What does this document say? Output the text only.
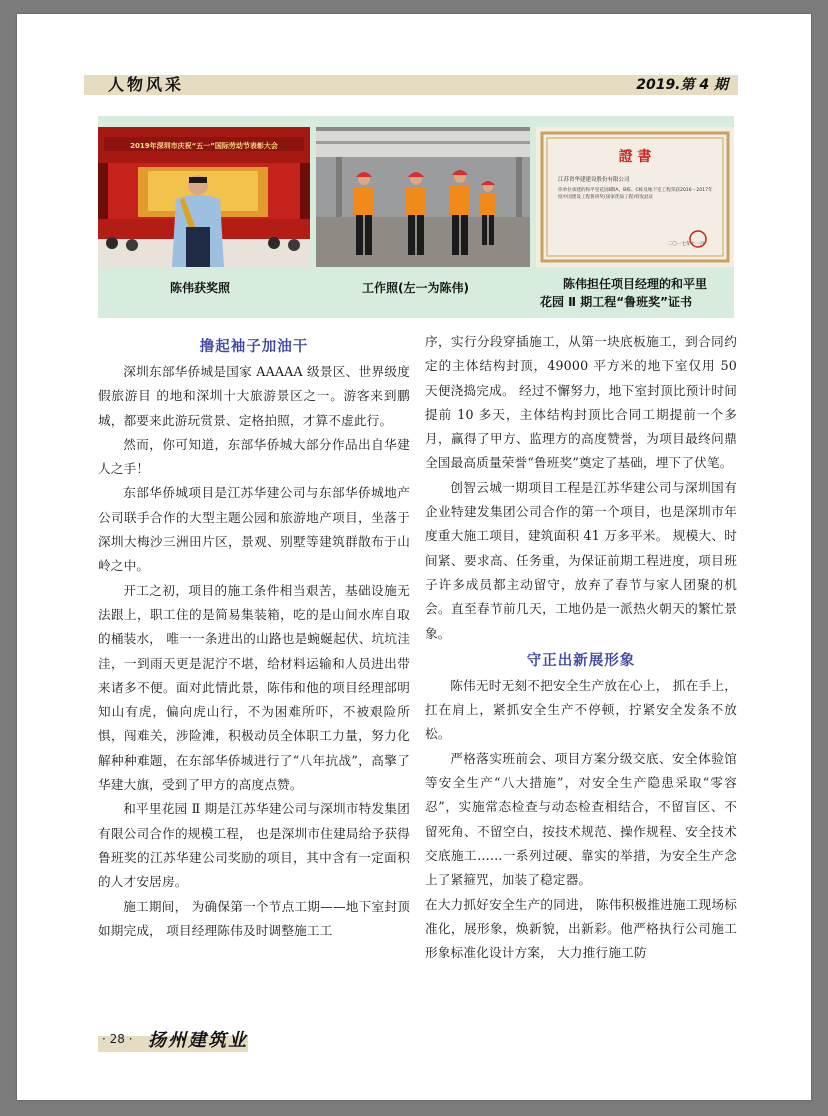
人物风采	2019.第 4 期
2019年深圳市庆祝“五一”国际劳动节表彰大会
陈伟获奖照	工作照(左一为陈伟)
證 書
江苏省华建建设股份有限公司
你单位承建的和平里花园Ⅱ期A、B栋、C栋及地下室工程荣获2016－2017年度中国建设工程鲁班奖(国家优质工程)特发此证
二〇一七年十一月
陈伟担任项目经理的和平里
花园 Ⅱ 期工程“鲁班奖”证书
撸起袖子加油干

深圳东部华侨城是国家 AAAAA 级景区、世界级度假旅游目 的地和深圳十大旅游景区之一。游客来到鹏城，都要来此游玩赏景、定格拍照，才算不虚此行。

然而，你可知道，东部华侨城大部分作品出自华建人之手！

东部华侨城项目是江苏华建公司与东部华侨城地产公司联手合作的大型主题公园和旅游地产项目，坐落于深圳大梅沙三洲田片区，景观、别墅等建筑群散布于山岭之中。

开工之初，项目的施工条件相当艰苦，基础设施无法跟上，职工住的是简易集装箱，吃的是山间水库自取的桶装水， 唯一一条进出的山路也是蜿蜒起伏、坑坑洼洼，一到雨天更是泥泞不堪，给材料运输和人员进出带来诸多不便。面对此情此景，陈伟和他的项目经理部明知山有虎，偏向虎山行，不为困难所吓，不被艰险所惧，闯难关，涉险滩，积极动员全体职工力量，努力化解种种难题，在东部华侨城进行了“八年抗战”，高擎了华建大旗，受到了甲方的高度点赞。

和平里花园 Ⅱ 期是江苏华建公司与深圳市特发集团有限公司合作的规模工程， 也是深圳市住建局给予获得鲁班奖的江苏华建公司奖励的项目，其中含有一定面积的人才安居房。

施工期间， 为确保第一个节点工期——地下室封顶如期完成， 项目经理陈伟及时调整施工工

序，实行分段穿插施工，从第一块底板施工，到合同约定的主体结构封顶，49000 平方米的地下室仅用 50 天便浇捣完成。 经过不懈努力，地下室封顶比预计时间提前 10 多天，主体结构封顶比合同工期提前一个多月，赢得了甲方、监理方的高度赞誉，为项目最终问鼎全国最高质量荣誉“鲁班奖”奠定了基础，埋下了伏笔。

创智云城一期项目工程是江苏华建公司与深圳国有企业特建发集团公司合作的第一个项目，也是深圳市年度重大施工项目，建筑面积 41 万多平米。 规模大、时间紧、要求高、任务重，为保证前期工程进度，项目班子许多成员都主动留守，放弃了春节与家人团聚的机会。直至春节前几天，工地仍是一派热火朝天的繁忙景象。

守正出新展形象

陈伟无时无刻不把安全生产放在心上， 抓在手上，扛在肩上，紧抓安全生产不停顿，拧紧安全发条不放松。

严格落实班前会、项目方案分级交底、安全体验馆等安全生产“八大措施”，对安全生产隐患采取“零容忍”，实施常态检查与动态检查相结合，不留盲区、不留死角、不留空白，按技术规范、操作规程、安全技术交底施工……一系列过硬、靠实的举措，为安全生产念上了紧箍咒，加装了稳定器。

在大力抓好安全生产的同进， 陈伟积极推进施工现场标准化，展形象，焕新貌，出新彩。他严格执行公司施工形象标准化设计方案， 大力推行施工防

· 28 · 扬州建筑业
